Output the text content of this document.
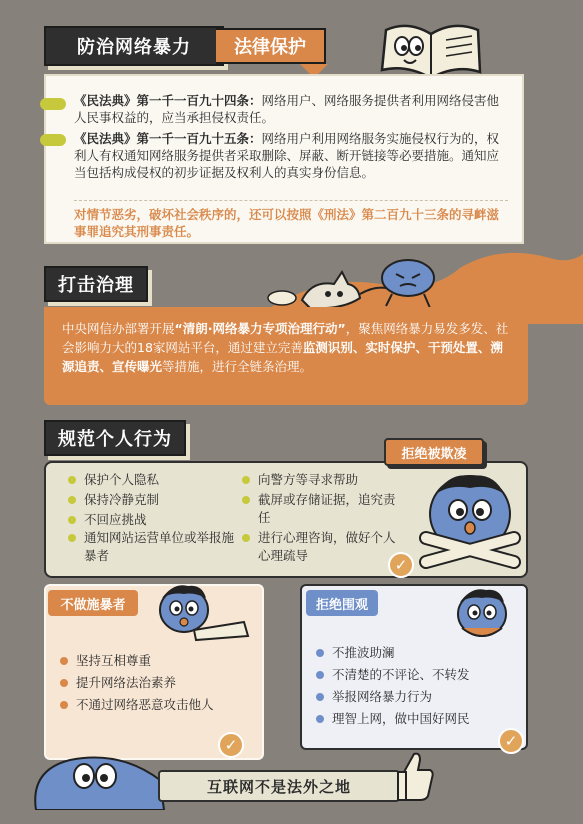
防治网络暴力 法律保护
《民法典》第一千一百九十四条：网络用户、网络服务提供者利用网络侵害他人民事权益的，应当承担侵权责任。
《民法典》第一千一百九十五条：网络用户利用网络服务实施侵权行为的，权利人有权通知网络服务提供者采取删除、屏蔽、断开链接等必要措施。通知应当包括构成侵权的初步证据及权利人的真实身份信息。
对情节恶劣，破坏社会秩序的，还可以按照《刑法》第二百九十三条的寻衅滋事罪追究其刑事责任。
打击治理
中央网信办部署开展“清朗·网络暴力专项治理行动”，聚焦网络暴力易发多发、社会影响力大的18家网站平台，通过建立完善监测识别、实时保护、干预处置、溯源追责、宣传曝光等措施，进行全链条治理。
规范个人行为
保护个人隐私
保持冷静克制
不回应挑战
通知网站运营单位或举报施暴者
向警方等寻求帮助
截屏或存储证据，追究责任
进行心理咨询，做好个人心理疏导
拒绝被欺凌
✓
不做施暴者
坚持互相尊重
提升网络法治素养
不通过网络恶意攻击他人
✓
拒绝围观
不推波助澜
不清楚的不评论、不转发
举报网络暴力行为
理智上网，做中国好网民
✓
互联网不是法外之地
